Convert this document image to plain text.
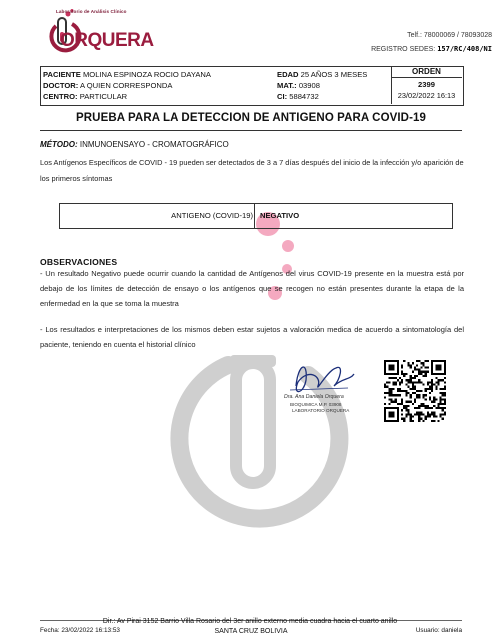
Laboratorio de Análisis Clínico
ORQUERA	Telf.: 78000069 / 78093028
REGISTRO SEDES: 157/RC/408/NI
PACIENTE MOLINA ESPINOZA ROCIO DAYANA
DOCTOR: A QUIEN CORRESPONDA
CENTRO: PARTICULAR
EDAD 25 AÑOS 3 MESES
MAT.: 03908
CI: 5884732
ORDEN
2399
23/02/2022 16:13
PRUEBA PARA LA DETECCION DE ANTIGENO PARA COVID-19
MÉTODO: INMUNOENSAYO - CROMATOGRÁFICO
Los Antígenos Específicos de COVID - 19 pueden ser detectados de 3 a 7 días después del inicio de la infección y/o aparición de los primeros síntomas
ANTIGENO (COVID-19) NEGATIVO
OBSERVACIONES
- Un resultado Negativo puede ocurrir cuando la cantidad de Antígenos del virus COVID-19 presente en la muestra está por debajo de los límites de detección de ensayo o los antígenos que se recogen no están presentes durante la etapa de la enfermedad en la que se toma la muestra
- Los resultados e interpretaciones de los mismos deben estar sujetos a valoración medica de acuerdo a sintomatología del paciente, teniendo en cuenta el historial clínico
Dra. Ana Daniela Orquera
BIOQUIMICA M.P. 03908
LABORATORIO ORQUERA
Dir.: Av Pirai 3152 Barrio Villa Rosario del 3er anillo externo media cuadra hacia el cuarto anillo
Fecha: 23/02/2022 16:13:53	SANTA CRUZ BOLIVIA	Usuario: daniela
